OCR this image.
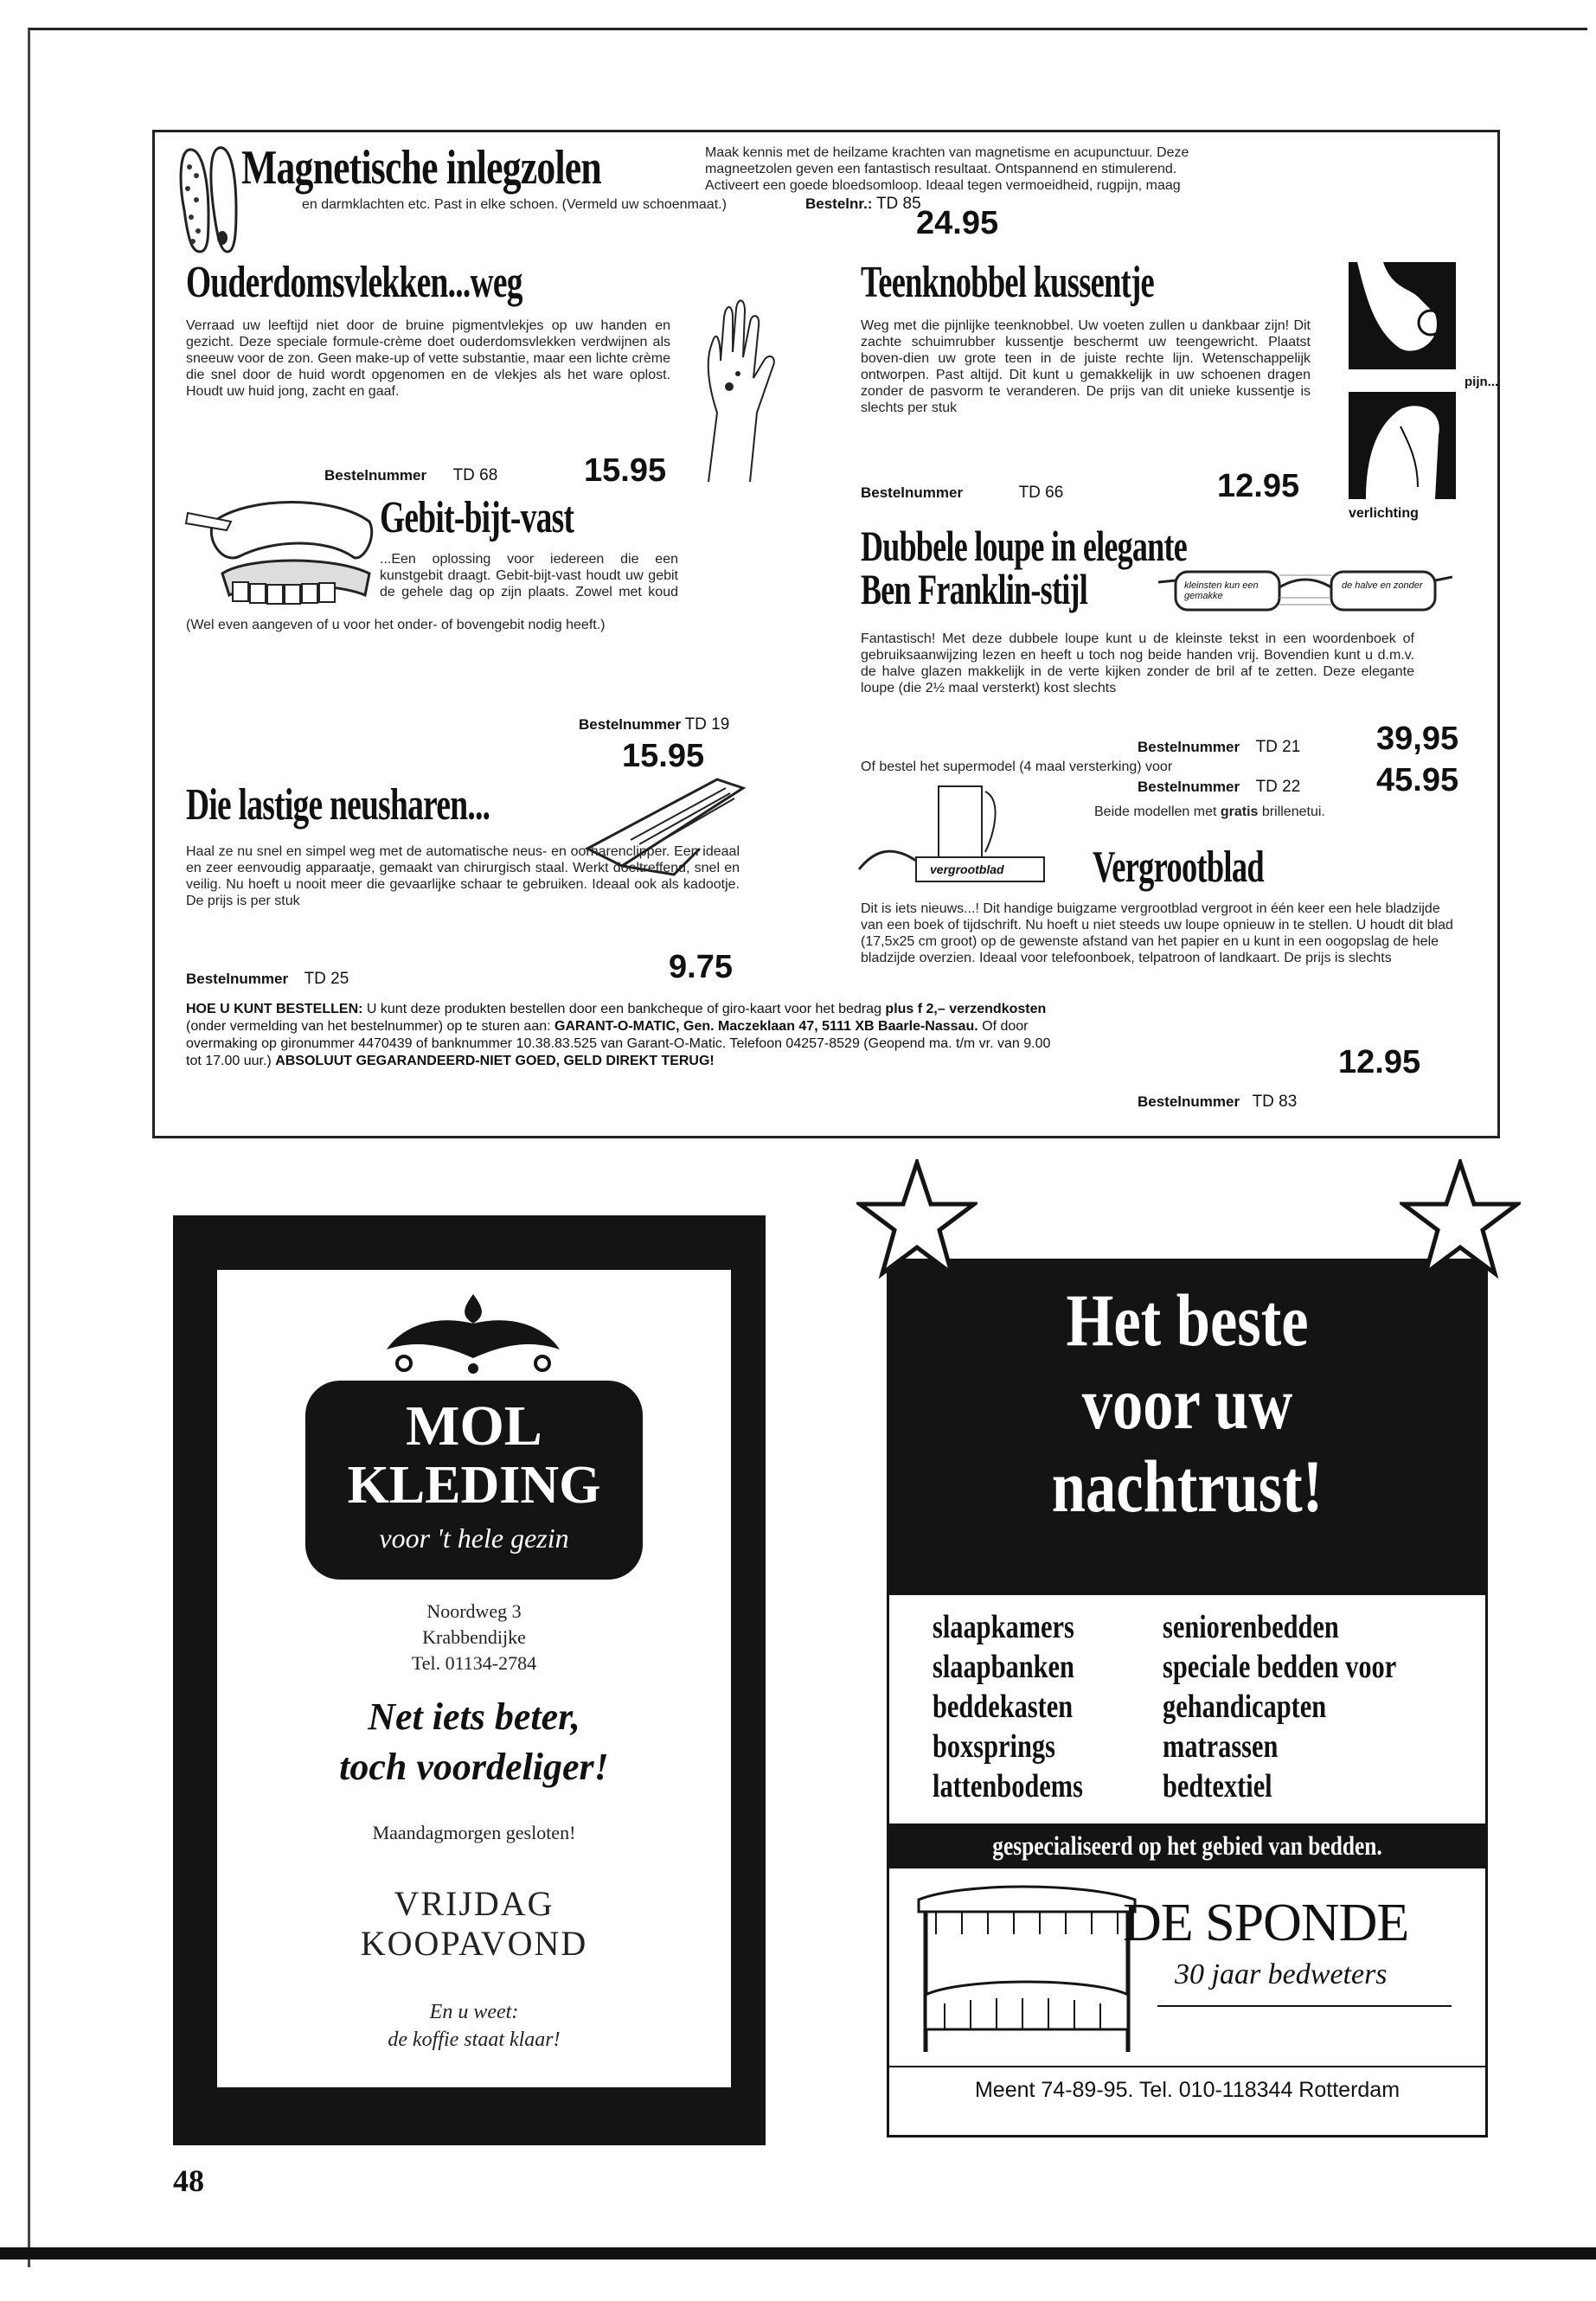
Magnetische inlegzolen	Maak kennis met de heilzame krachten van magnetisme en acupunctuur. Deze
magneetzolen geven een fantastisch resultaat. Ontspannend en stimulerend.
Activeert een goede bloedsomloop. Ideaal tegen vermoeidheid, rugpijn, maag
en darmklachten etc. Past in elke schoen. (Vermeld uw schoenmaat.)	Bestelnr.: TD 85
24.95
Ouderdomsvlekken...weg
Verraad uw leeftijd niet door de bruine pigmentvlekjes op uw handen en gezicht. Deze speciale formule-crème doet ouderdomsvlekken verdwijnen als sneeuw voor de zon. Geen make-up of vette substantie, maar een lichte crème die snel door de huid wordt opgenomen en de vlekjes als het ware oplost. Houdt uw huid jong, zacht en gaaf.
Bestelnummer TD 68	15.95
Gebit-bijt-vast
...Een oplossing voor iedereen die een kunstgebit draagt. Gebit-bijt-vast houdt uw gebit de gehele dag op zijn plaats. Zowel met koud
(Wel even aangeven of u voor het onder- of bovengebit nodig heeft.)
Bestelnummer TD 19
15.95
Die lastige neusharen...
Haal ze nu snel en simpel weg met de automatische neus- en oorharenclipper. Een ideaal en zeer eenvoudig apparaatje, gemaakt van chirurgisch staal. Werkt doeltreffend, snel en veilig. Nu hoeft u nooit meer die gevaarlijke schaar te gebruiken. Ideaal ook als kadootje. De prijs is per stuk
Bestelnummer TD 25	9.75
HOE U KUNT BESTELLEN: U kunt deze produkten bestellen door een bankcheque of giro-kaart voor het bedrag plus f 2,– verzendkosten (onder vermelding van het bestelnummer) op te sturen aan: GARANT-O-MATIC, Gen. Maczeklaan 47, 5111 XB Baarle-Nassau. Of door overmaking op gironummer 4470439 of banknummer 10.38.83.525 van Garant-O-Matic. Telefoon 04257-8529 (Geopend ma. t/m vr. van 9.00 tot 17.00 uur.) ABSOLUUT GEGARANDEERD-NIET GOED, GELD DIREKT TERUG!
Teenknobbel kussentje
Weg met die pijnlijke teenknobbel. Uw voeten zullen u dankbaar zijn! Dit zachte schuimrubber kussentje beschermt uw teengewricht. Plaatst boven-dien uw grote teen in de juiste rechte lijn. Wetenschappelijk ontworpen. Past altijd. Dit kunt u gemakkelijk in uw schoenen dragen zonder de pasvorm te veranderen. De prijs van dit unieke kussentje is slechts per stuk
Bestelnummer	TD 66	12.95
pijn...
verlichting
Dubbele loupe in elegante
Ben Franklin-stijl	kleinsten kun een gemakke
de halve en zonder
Fantastisch! Met deze dubbele loupe kunt u de kleinste tekst in een woordenboek of gebruiksaanwijzing lezen en heeft u toch nog beide handen vrij. Bovendien kunt u d.m.v. de halve glazen makkelijk in de verte kijken zonder de bril af te zetten. Deze elegante loupe (die 2½ maal versterkt) kost slechts
Bestelnummer TD 21 39,95
Of bestel het supermodel (4 maal versterking) voor
Bestelnummer TD 22 45.95
Beide modellen met gratis brillenetui.
vergrootblad Vergrootblad
Dit is iets nieuws...! Dit handige buigzame vergrootblad vergroot in één keer een hele bladzijde van een boek of tijdschrift. Nu hoeft u niet steeds uw loupe opnieuw in te stellen. U houdt dit blad (17,5x25 cm groot) op de gewenste afstand van het papier en u kunt in een oogopslag de hele bladzijde overzien. Ideaal voor telefoonboek, telpatroon of landkaart. De prijs is slechts
Bestelnummer TD 83
12.95
MOL
KLEDING
voor 't hele gezin
Noordweg 3
Krabbendijke
Tel. 01134-2784
Net iets beter,
toch voordeliger!
Maandagmorgen gesloten!
VRIJDAG
KOOPAVOND
En u weet:
de koffie staat klaar!
Het beste
voor uw
nachtrust!
slaapkamers
slaapbanken
beddekasten
boxsprings
lattenbodems
seniorenbedden
speciale bedden voor
gehandicapten
matrassen
bedtextiel
gespecialiseerd op het gebied van bedden.
DE SPONDE
30 jaar bedweters
Meent 74-89-95. Tel. 010-118344 Rotterdam
48
